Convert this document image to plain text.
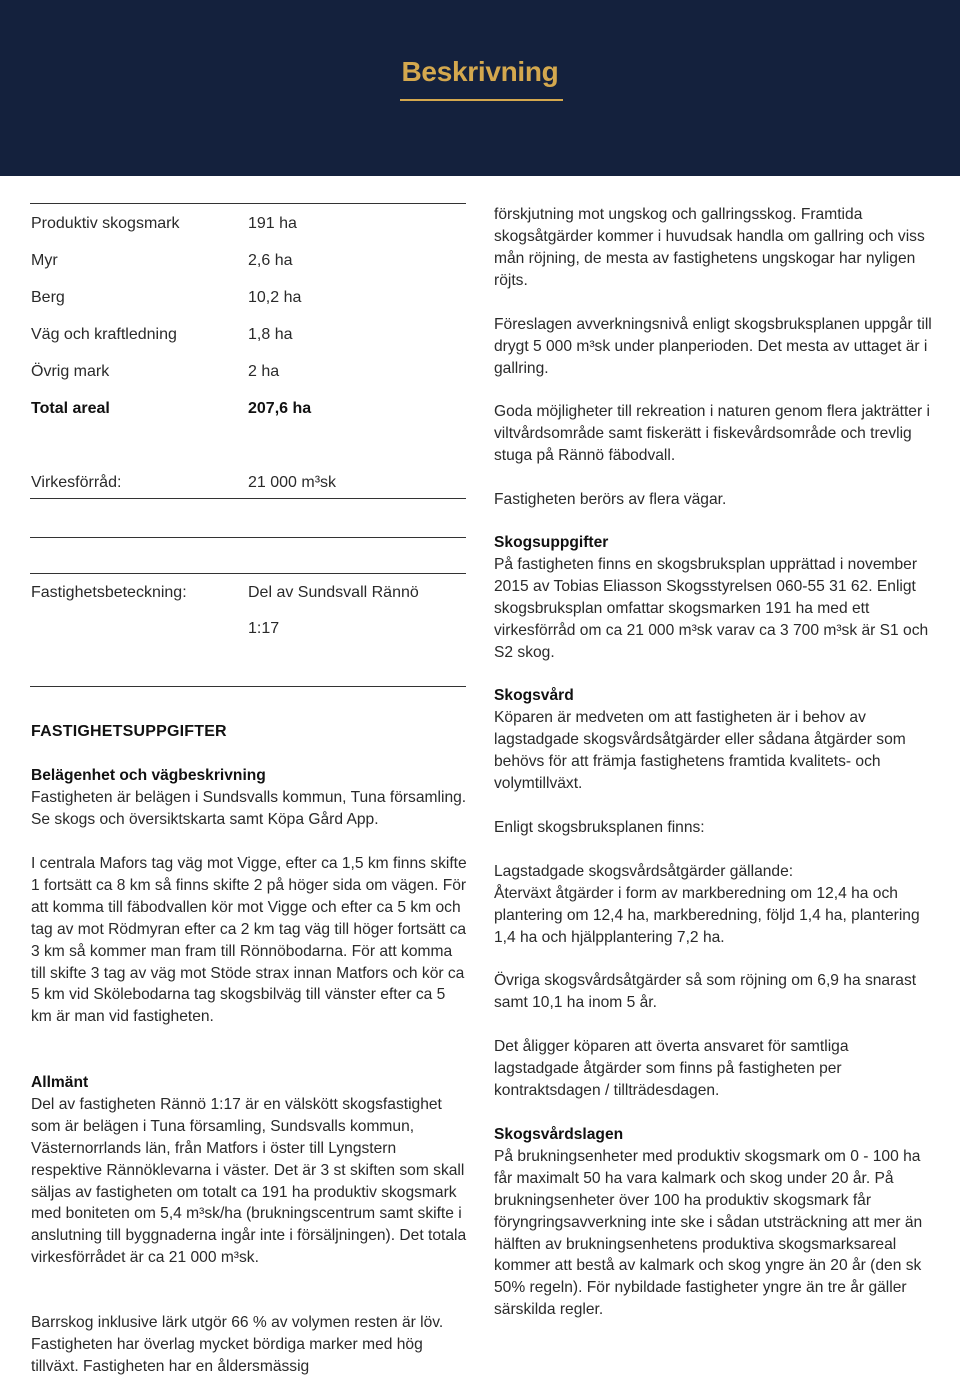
Beskrivning
Produktiv skogsmark	191 ha
Myr	2,6 ha
Berg	10,2 ha
Väg och kraftledning	1,8 ha
Övrig mark	2 ha
Total areal	207,6 ha
Virkesförråd:	21 000 m³sk
Fastighetsbeteckning:	Del av Sundsvall Rännö
1:17
FASTIGHETSUPPGIFTER

Belägenhet och vägbeskrivning
Fastigheten är belägen i Sundsvalls kommun, Tuna församling. Se skogs och översiktskarta samt Köpa Gård App.

I centrala Mafors tag väg mot Vigge, efter ca 1,5 km finns skifte 1 fortsätt ca 8 km så finns skifte 2 på höger sida om vägen. För att komma till fäbodvallen kör mot Vigge och efter ca 5 km och tag av mot Rödmyran efter ca 2 km tag väg till höger fortsätt ca 3 km så kommer man fram till Rönnöbodarna. För att komma till skifte 3 tag av väg mot Stöde strax innan Matfors och kör ca 5 km vid Skölebodarna tag skogsbilväg till vänster efter ca 5 km är man vid fastigheten.

Allmänt
Del av fastigheten Rännö 1:17 är en välskött skogsfastighet som är belägen i Tuna församling, Sundsvalls kommun, Västernorrlands län, från Matfors i öster till Lyngstern respektive Rännöklevarna i väster. Det är 3 st skiften som skall säljas av fastigheten om totalt ca 191 ha produktiv skogsmark med boniteten om 5,4 m³sk/ha (brukningscentrum samt skifte i anslutning till byggnaderna ingår inte i försäljningen). Det totala virkesförrådet är ca 21 000 m³sk.

Barrskog inklusive lärk utgör 66 % av volymen resten är löv. Fastigheten har överlag mycket bördiga marker med hög tillväxt. Fastigheten har en åldersmässig

förskjutning mot ungskog och gallringsskog. Framtida skogsåtgärder kommer i huvudsak handla om gallring och viss mån röjning, de mesta av fastighetens ungskogar har nyligen röjts.

Föreslagen avverkningsnivå enligt skogsbruksplanen uppgår till drygt 5 000 m³sk under planperioden. Det mesta av uttaget är i gallring.

Goda möjligheter till rekreation i naturen genom flera jakträtter i viltvårdsområde samt fiskerätt i fiskevårdsområde och trevlig stuga på Rännö fäbodvall.

Fastigheten berörs av flera vägar.

Skogsuppgifter
På fastigheten finns en skogsbruksplan upprättad i november 2015 av Tobias Eliasson Skogsstyrelsen 060-55 31 62. Enligt skogsbruksplan omfattar skogsmarken 191 ha med ett virkesförråd om ca 21 000 m³sk varav ca 3 700 m³sk är S1 och S2 skog.

Skogsvård
Köparen är medveten om att fastigheten är i behov av lagstadgade skogsvårdsåtgärder eller sådana åtgärder som behövs för att främja fastighetens framtida kvalitets- och volymtillväxt.

Enligt skogsbruksplanen finns:

Lagstadgade skogsvårdsåtgärder gällande:
Återväxt åtgärder i form av markberedning om 12,4 ha och plantering om 12,4 ha, markberedning, följd 1,4 ha, plantering 1,4 ha och hjälpplantering 7,2 ha.

Övriga skogsvårdsåtgärder så som röjning om 6,9 ha snarast samt 10,1 ha inom 5 år.

Det åligger köparen att överta ansvaret för samtliga lagstadgade åtgärder som finns på fastigheten per kontraktsdagen / tillträdesdagen.

Skogsvårdslagen
På brukningsenheter med produktiv skogsmark om 0 - 100 ha får maximalt 50 ha vara kalmark och skog under 20 år. På brukningsenheter över 100 ha produktiv skogsmark får föryngringsavverkning inte ske i sådan utsträckning att mer än hälften av brukningsenhetens produktiva skogsmarksareal kommer att bestå av kalmark och skog yngre än 20 år (den sk 50% regeln). För nybildade fastigheter yngre än tre år gäller särskilda regler.
